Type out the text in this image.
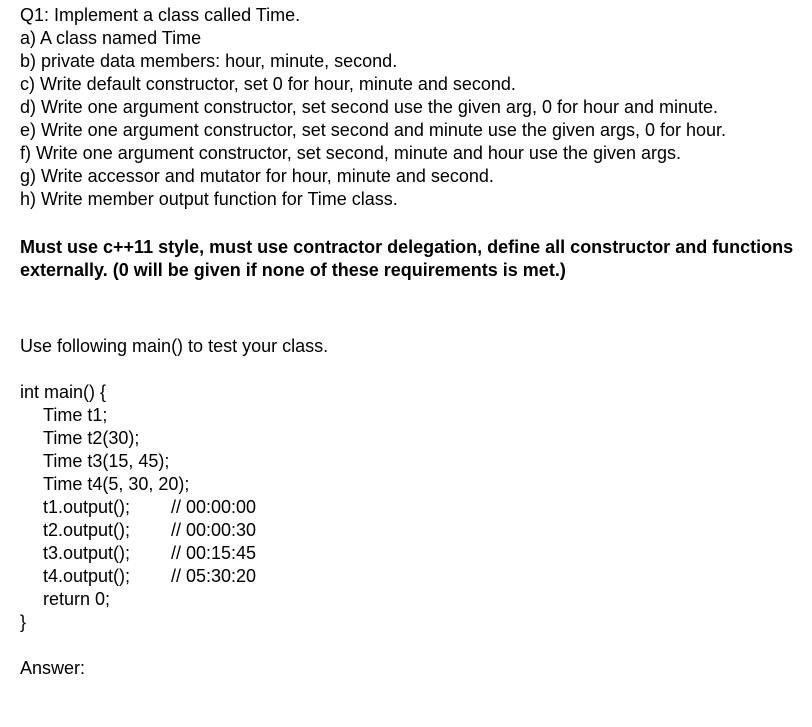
Q1: Implement a class called Time.
a) A class named Time
b) private data members: hour, minute, second.
c) Write default constructor, set 0 for hour, minute and second.
d) Write one argument constructor, set second use the given arg, 0 for hour and minute.
e) Write one argument constructor, set second and minute use the given args, 0 for hour.
f) Write one argument constructor, set second, minute and hour use the given args.
g) Write accessor and mutator for hour, minute and second.
h) Write member output function for Time class.
Must use c++11 style, must use contractor delegation, define all constructor and functions externally. (0 will be given if none of these requirements is met.)
Use following main() to test your class.
int main() {
Time t1;
Time t2(30);
Time t3(15, 45);
Time t4(5, 30, 20);
t1.output();	// 00:00:00
t2.output();	// 00:00:30
t3.output();	// 00:15:45
t4.output();	// 05:30:20
return 0;
}
Answer:
